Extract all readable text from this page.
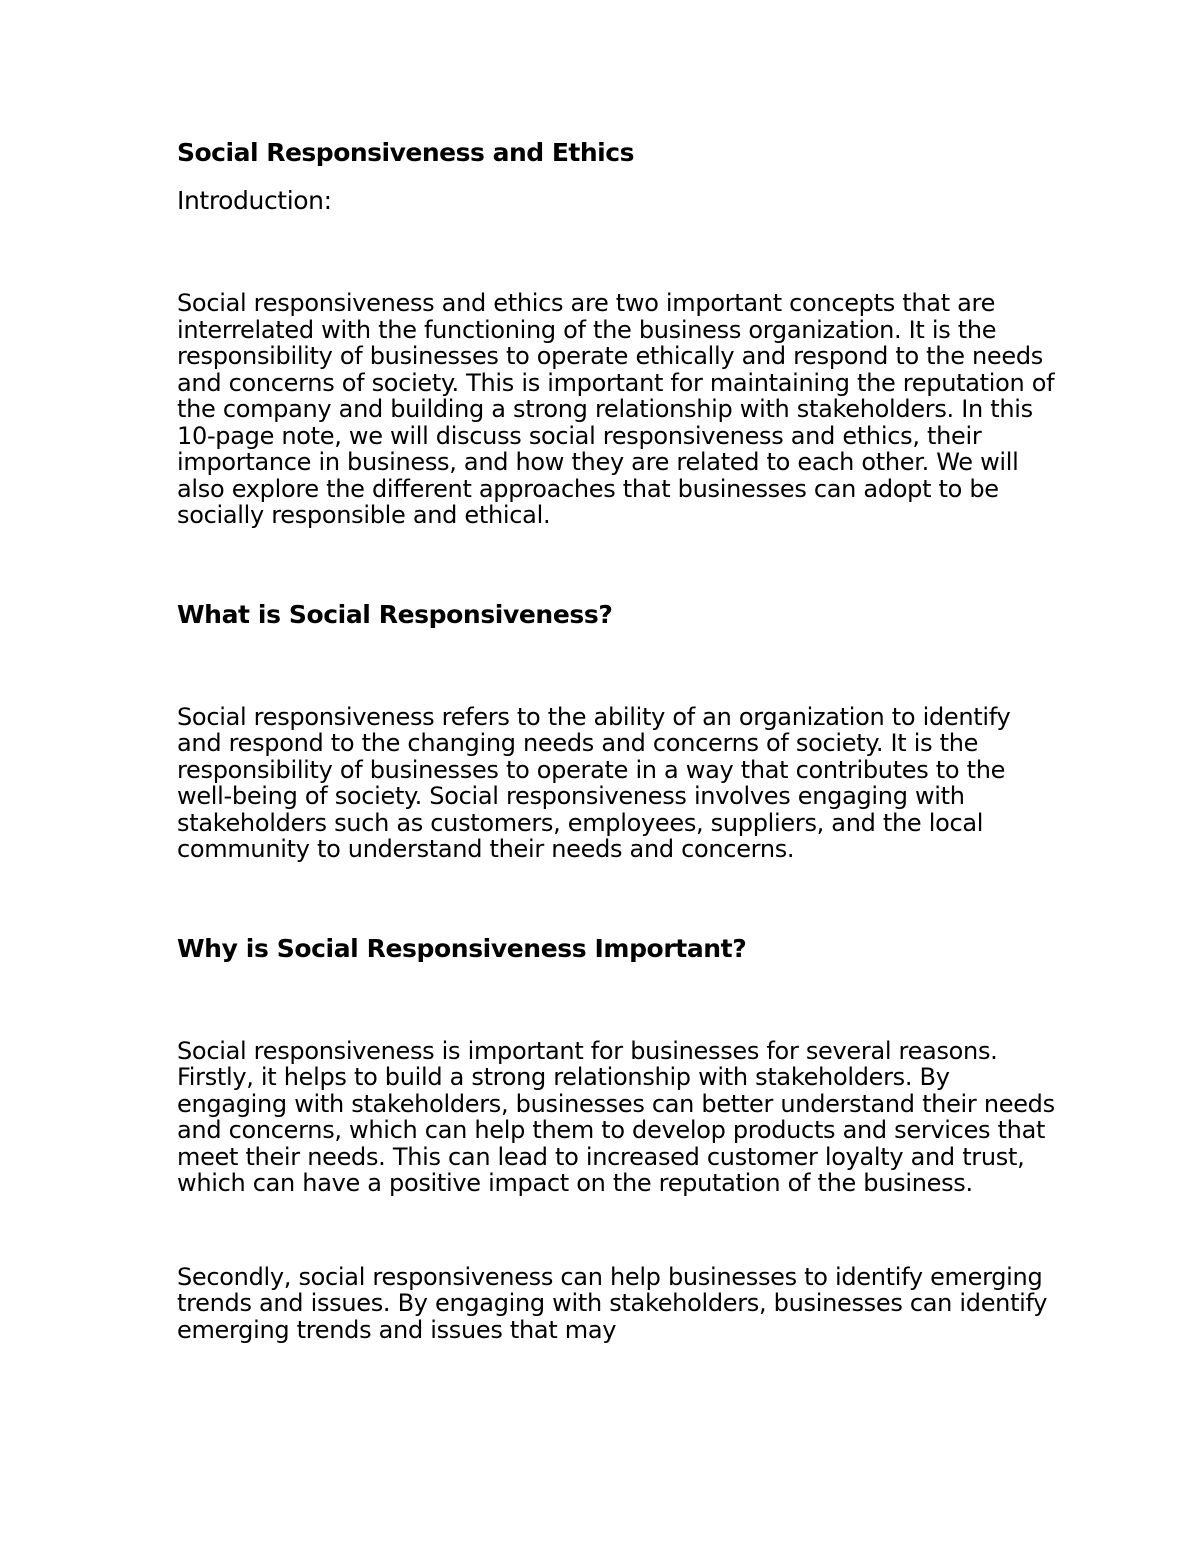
Social Responsiveness and Ethics

Introduction:

Social responsiveness and ethics are two important concepts that are interrelated with the functioning of the business organization. It is the responsibility of businesses to operate ethically and respond to the needs and concerns of society. This is important for maintaining the reputation of the company and building a strong relationship with stakeholders. In this 10-page note, we will discuss social responsiveness and ethics, their importance in business, and how they are related to each other. We will also explore the different approaches that businesses can adopt to be socially responsible and ethical.

What is Social Responsiveness?

Social responsiveness refers to the ability of an organization to identify and respond to the changing needs and concerns of society. It is the responsibility of businesses to operate in a way that contributes to the well-being of society. Social responsiveness involves engaging with stakeholders such as customers, employees, suppliers, and the local community to understand their needs and concerns.

Why is Social Responsiveness Important?

Social responsiveness is important for businesses for several reasons. Firstly, it helps to build a strong relationship with stakeholders. By engaging with stakeholders, businesses can better understand their needs and concerns, which can help them to develop products and services that meet their needs. This can lead to increased customer loyalty and trust, which can have a positive impact on the reputation of the business.

Secondly, social responsiveness can help businesses to identify emerging trends and issues. By engaging with stakeholders, businesses can identify emerging trends and issues that may
